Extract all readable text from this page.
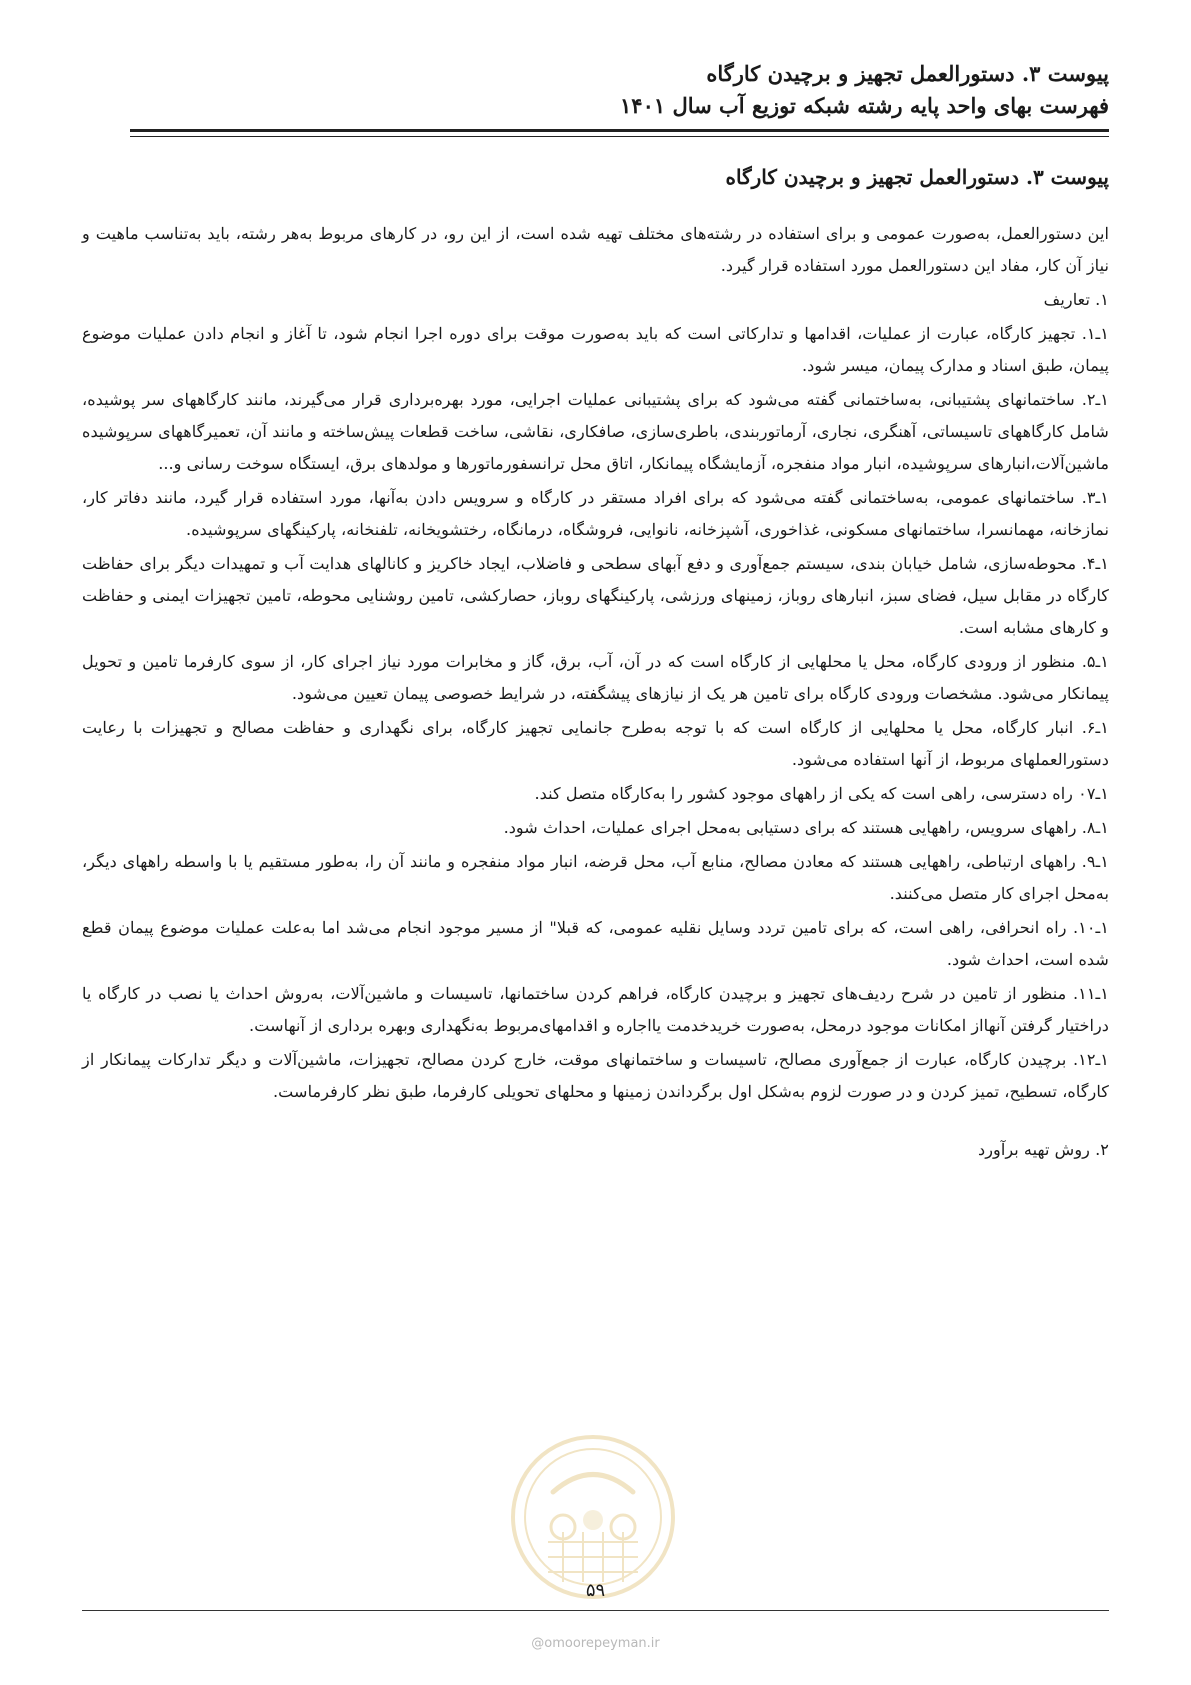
پیوست ۳. دستورالعمل تجهیز و برچیدن کارگاه
فهرست بهای واحد پایه رشته شبکه توزیع آب سال ۱۴۰۱
پیوست ۳. دستورالعمل تجهیز و برچیدن کارگاه

این دستورالعمل، به‌صورت عمومی و برای استفاده در رشته‌های مختلف تهیه شده است، از این رو، در کارهای مربوط به‌هر رشته، باید به‌تناسب ماهیت و نیاز آن کار، مفاد این دستورالعمل مورد استفاده قرار گیرد.

۱. تعاریف

۱ـ۱. تجهیز کارگاه، عبارت از عملیات، اقدامها و تدارکاتی است که باید به‌صورت موقت برای دوره اجرا انجام شود، تا آغاز و انجام دادن عملیات موضوع پیمان، طبق اسناد و مدارک پیمان، میسر شود.

۱ـ۲. ساختمانهای پشتیبانی، به‌ساختمانی گفته می‌شود که برای پشتیبانی عملیات اجرایی، مورد بهره‌برداری قرار می‌گیرند، مانند کارگاههای سر پوشیده، شامل کارگاههای تاسیساتی، آهنگری، نجاری، آرماتوربندی، باطری‌سازی، صافکاری، نقاشی، ساخت قطعات پیش‌ساخته و مانند آن، تعمیرگاههای سرپوشیده ماشین‌آلات،انبارهای سرپوشیده، انبار مواد منفجره، آزمایشگاه پیمانکار، اتاق محل ترانسفورماتورها و مولدهای برق، ایستگاه سوخت رسانی و...

۱ـ۳. ساختمانهای عمومی، به‌ساختمانی گفته می‌شود که برای افراد مستقر در کارگاه و سرویس دادن به‌آنها، مورد استفاده قرار گیرد، مانند دفاتر کار، نمازخانه، مهمانسرا، ساختمانهای مسکونی، غذاخوری، آشپزخانه، نانوایی، فروشگاه، درمانگاه، رختشویخانه، تلفنخانه، پارکینگهای سرپوشیده.

۱ـ۴. محوطه‌سازی، شامل خیابان بندی، سیستم جمع‌آوری و دفع آبهای سطحی و فاضلاب، ایجاد خاکریز و کانالهای هدایت آب و تمهیدات دیگر برای حفاظت کارگاه در مقابل سیل، فضای سبز، انبارهای روباز، زمینهای ورزشی، پارکینگهای روباز، حصارکشی، تامین روشنایی محوطه، تامین تجهیزات ایمنی و حفاظت و کارهای مشابه است.

۱ـ۵. منظور از ورودی کارگاه، محل یا محلهایی از کارگاه است که در آن، آب، برق، گاز و مخابرات مورد نیاز اجرای کار، از سوی کارفرما تامین و تحویل پیمانکار می‌شود. مشخصات ورودی کارگاه برای تامین هر یک از نیازهای پیشگفته، در شرایط خصوصی پیمان تعیین می‌شود.

۱ـ۶. انبار کارگاه، محل یا محلهایی از کارگاه است که با توجه به‌طرح جانمایی تجهیز کارگاه، برای نگهداری و حفاظت مصالح و تجهیزات با رعایت دستورالعملهای مربوط، از آنها استفاده می‌شود.

۱ـ۰۷ راه دسترسی، راهی است که یکی از راههای موجود کشور را به‌کارگاه متصل کند.

۱ـ۸. راههای سرویس، راههایی هستند که برای دستیابی به‌محل اجرای عملیات، احداث شود.

۱ـ۹. راههای ارتباطی، راههایی هستند که معادن مصالح، منابع آب، محل قرضه، انبار مواد منفجره و مانند آن را، به‌طور مستقیم یا با واسطه راههای دیگر، به‌محل اجرای کار متصل می‌کنند.

۱ـ۱۰. راه انحرافی، راهی است، که برای تامین تردد وسایل نقلیه عمومی، که قبلا" از مسیر موجود انجام می‌شد اما به‌علت عملیات موضوع پیمان قطع شده است، احداث شود.

۱ـ۱۱. منظور از تامین در شرح ردیف‌های تجهیز و برچیدن کارگاه، فراهم کردن ساختمانها، تاسیسات و ماشین‌آلات، به‌روش احداث یا نصب در کارگاه یا دراختیار گرفتن آنهااز امکانات موجود درمحل، به‌صورت خریدخدمت یااجاره و اقدامهای‌مربوط به‌نگهداری وبهره برداری از آنهاست.

۱ـ۱۲. برچیدن کارگاه، عبارت از جمع‌آوری مصالح، تاسیسات و ساختمانهای موقت، خارج کردن مصالح، تجهیزات، ماشین‌آلات و دیگر تدارکات پیمانکار از کارگاه، تسطیح، تمیز کردن و در صورت لزوم به‌شکل اول برگرداندن زمینها و محلهای تحویلی کارفرما، طبق نظر کارفرماست.

۲. روش تهیه برآورد

۵۹
@omoorepeyman.ir
